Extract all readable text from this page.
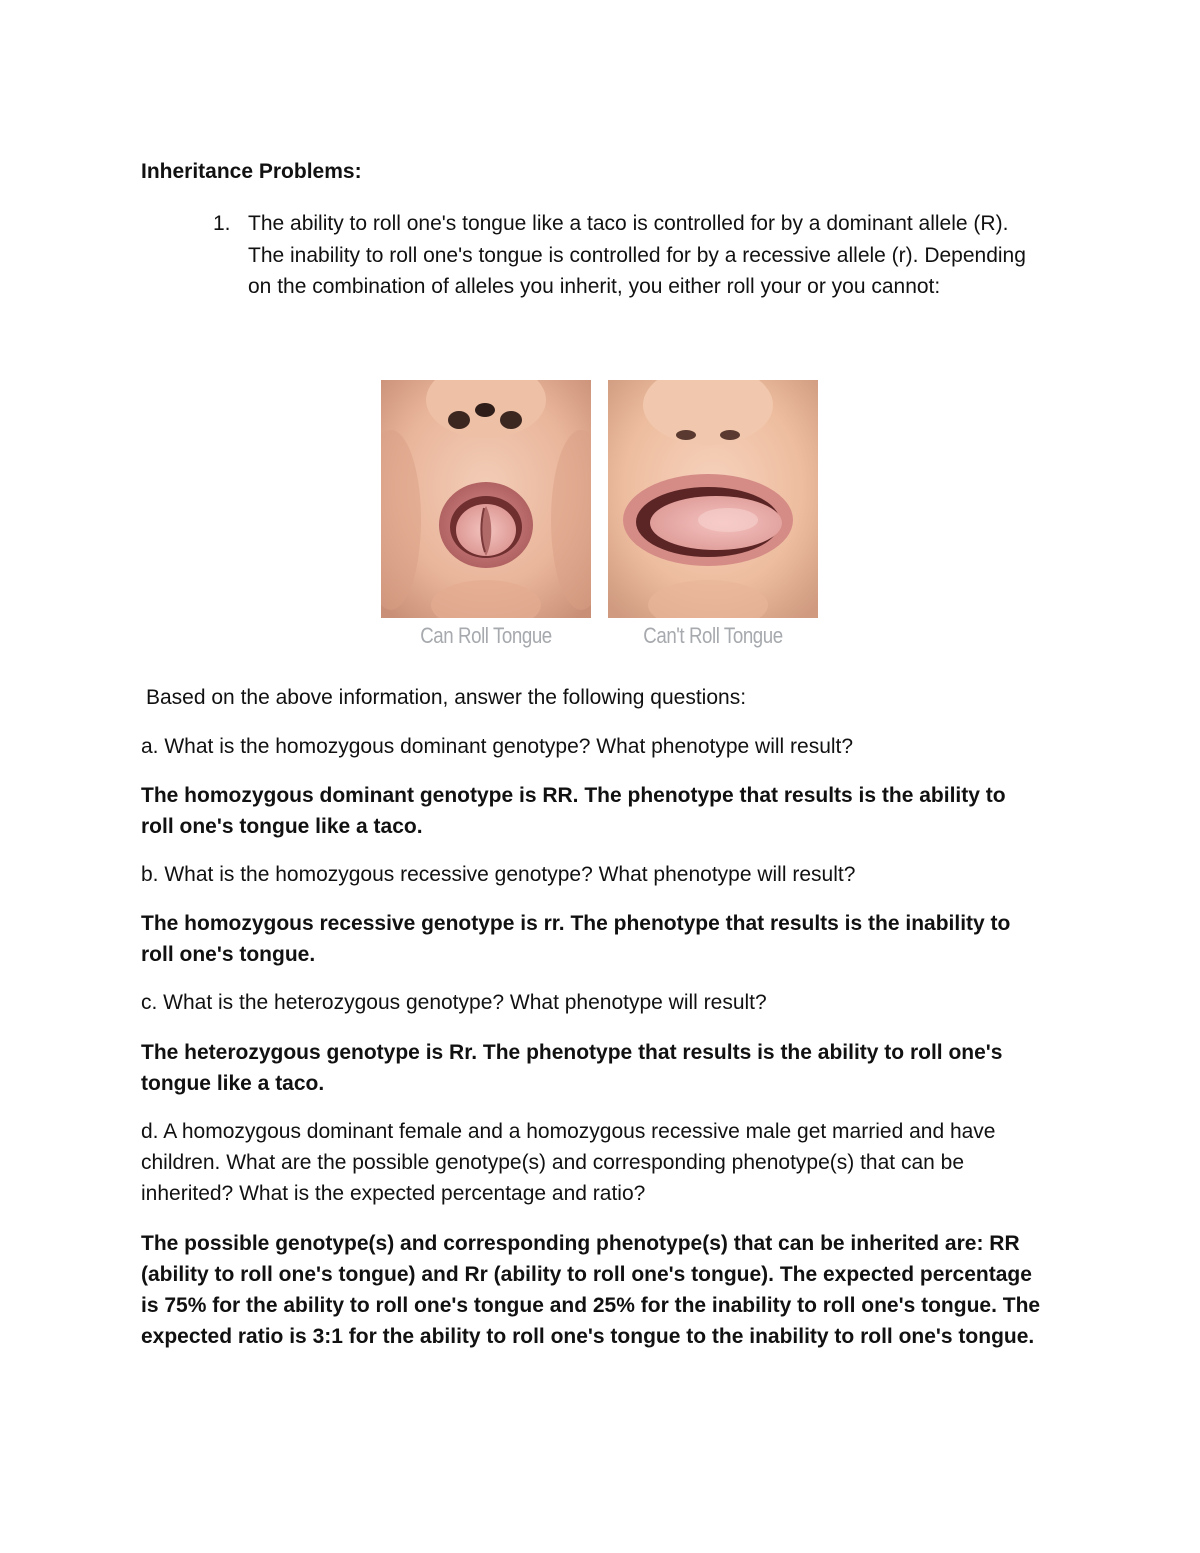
Inheritance Problems:
1. The ability to roll one's tongue like a taco is controlled for by a dominant allele (R). The inability to roll one's tongue is controlled for by a recessive allele (r). Depending on the combination of alleles you inherit, you either roll your or you cannot:
Can Roll Tongue	Can't Roll Tongue

Based on the above information, answer the following questions:

a. What is the homozygous dominant genotype? What phenotype will result?

The homozygous dominant genotype is RR. The phenotype that results is the ability to roll one's tongue like a taco.

b. What is the homozygous recessive genotype? What phenotype will result?

The homozygous recessive genotype is rr. The phenotype that results is the inability to roll one's tongue.

c. What is the heterozygous genotype? What phenotype will result?

The heterozygous genotype is Rr. The phenotype that results is the ability to roll one's tongue like a taco.

d. A homozygous dominant female and a homozygous recessive male get married and have children. What are the possible genotype(s) and corresponding phenotype(s) that can be inherited? What is the expected percentage and ratio?

The possible genotype(s) and corresponding phenotype(s) that can be inherited are: RR (ability to roll one's tongue) and Rr (ability to roll one's tongue). The expected percentage is 75% for the ability to roll one's tongue and 25% for the inability to roll one's tongue. The expected ratio is 3:1 for the ability to roll one's tongue to the inability to roll one's tongue.
